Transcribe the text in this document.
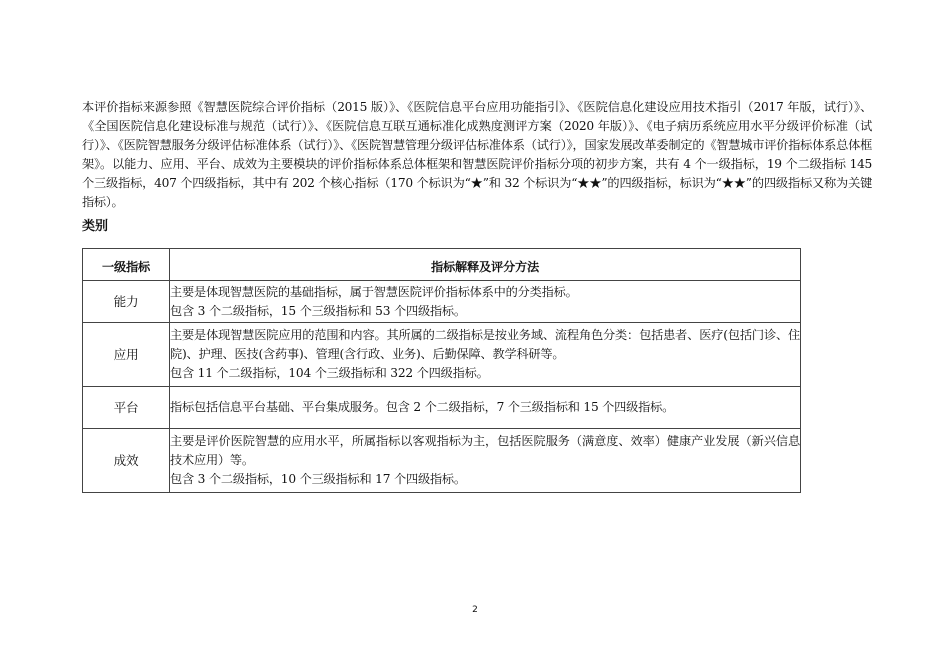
本评价指标来源参照《智慧医院综合评价指标（2015 版）》、《医院信息平台应用功能指引》、《医院信息化建设应用技术指引（2017 年版，试行）》、《全国医院信息化建设标准与规范（试行）》、《医院信息互联互通标准化成熟度测评方案（2020 年版）》、《电子病历系统应用水平分级评价标准（试行）》、《医院智慧服务分级评估标准体系（试行）》、《医院智慧管理分级评估标准体系（试行）》，国家发展改革委制定的《智慧城市评价指标体系总体框架》。以能力、应用、平台、成效为主要模块的评价指标体系总体框架和智慧医院评价指标分项的初步方案，共有 4 个一级指标，19 个二级指标 145 个三级指标，407 个四级指标，其中有 202 个核心指标（170 个标识为“★”和 32 个标识为“★★”的四级指标，标识为“★★”的四级指标又称为关键指标）。

类别
一级指标	指标解释及评分方法
能力	主要是体现智慧医院的基础指标，属于智慧医院评价指标体系中的分类指标。
包含 3 个二级指标，15 个三级指标和 53 个四级指标。

应用	主要是体现智慧医院应用的范围和内容。其所属的二级指标是按业务域、流程角色分类：包括患者、医疗(包括门诊、住院)、护理、医技(含药事)、管理(含行政、业务)、后勤保障、教学科研等。
包含 11 个二级指标，104 个三级指标和 322 个四级指标。

平台	指标包括信息平台基础、平台集成服务。包含 2 个二级指标，7 个三级指标和 15 个四级指标。

成效	主要是评价医院智慧的应用水平，所属指标以客观指标为主，包括医院服务（满意度、效率）健康产业发展（新兴信息技术应用）等。
包含 3 个二级指标，10 个三级指标和 17 个四级指标。
2
